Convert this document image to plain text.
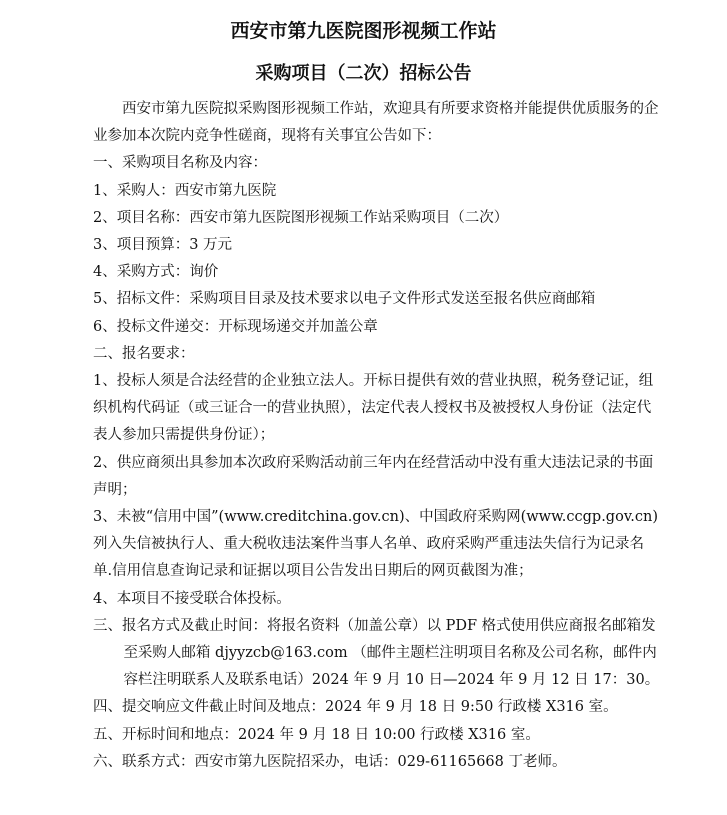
西安市第九医院图形视频工作站
采购项目（二次）招标公告

西安市第九医院拟采购图形视频工作站，欢迎具有所要求资格并能提供优质服务的企业参加本次院内竞争性磋商，现将有关事宜公告如下：

一、采购项目名称及内容：

1、采购人：西安市第九医院

2、项目名称：西安市第九医院图形视频工作站采购项目（二次）

3、项目预算：3 万元

4、采购方式：询价

5、招标文件：采购项目目录及技术要求以电子文件形式发送至报名供应商邮箱

6、投标文件递交：开标现场递交并加盖公章

二、报名要求：

1、投标人须是合法经营的企业独立法人。开标日提供有效的营业执照，税务登记证，组织机构代码证（或三证合一的营业执照），法定代表人授权书及被授权人身份证（法定代表人参加只需提供身份证）；

2、供应商须出具参加本次政府采购活动前三年内在经营活动中没有重大违法记录的书面声明；

3、未被“信用中国”(www.creditchina.gov.cn)、中国政府采购网(www.ccgp.gov.cn)列入失信被执行人、重大税收违法案件当事人名单、政府采购严重违法失信行为记录名单.信用信息查询记录和证据以项目公告发出日期后的网页截图为准；

4、本项目不接受联合体投标。

三、报名方式及截止时间：将报名资料（加盖公章）以 PDF 格式使用供应商报名邮箱发至采购人邮箱 djyyzcb@163.com （邮件主题栏注明项目名称及公司名称，邮件内容栏注明联系人及联系电话）2024 年 9 月 10 日—2024 年 9 月 12 日 17：30。

四、提交响应文件截止时间及地点：2024 年 9 月 18 日 9:50 行政楼 X316 室。

五、开标时间和地点：2024 年 9 月 18 日 10:00 行政楼 X316 室。

六、联系方式：西安市第九医院招采办，电话：029-61165668 丁老师。
